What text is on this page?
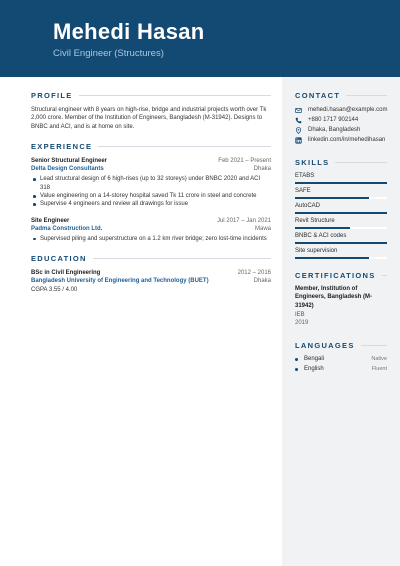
Mehedi Hasan
Civil Engineer (Structures)
PROFILE

Structural engineer with 8 years on high-rise, bridge and industrial projects worth over Tk 2,000 crore. Member of the Institution of Engineers, Bangladesh (M-31942). Designs to BNBC and ACI, and is at home on site.

EXPERIENCE
Senior Structural Engineer	Feb 2021 – Present
Delta Design Consultants	Dhaka
Lead structural design of 6 high-rises (up to 32 storeys) under BNBC 2020 and ACI 318
Value engineering on a 14-storey hospital saved Tk 11 crore in steel and concrete
Supervise 4 engineers and review all drawings for issue
Site Engineer	Jul 2017 – Jan 2021
Padma Construction Ltd.	Mawa
Supervised piling and superstructure on a 1.2 km river bridge; zero lost-time incidents
EDUCATION
BSc in Civil Engineering	2012 – 2016
Bangladesh University of Engineering and Technology (BUET)	Dhaka
CGPA 3.55 / 4.00
CONTACT
mehedi.hasan@example.com
+880 1717 902144
Dhaka, Bangladesh
linkedin.com/in/mehedihasan
SKILLS
ETABS
SAFE
AutoCAD
Revit Structure
BNBC & ACI codes
Site supervision
CERTIFICATIONS
Member, Institution of Engineers, Bangladesh (M-31942)
IEB
2019
LANGUAGES
Bengali	Native
English	Fluent
